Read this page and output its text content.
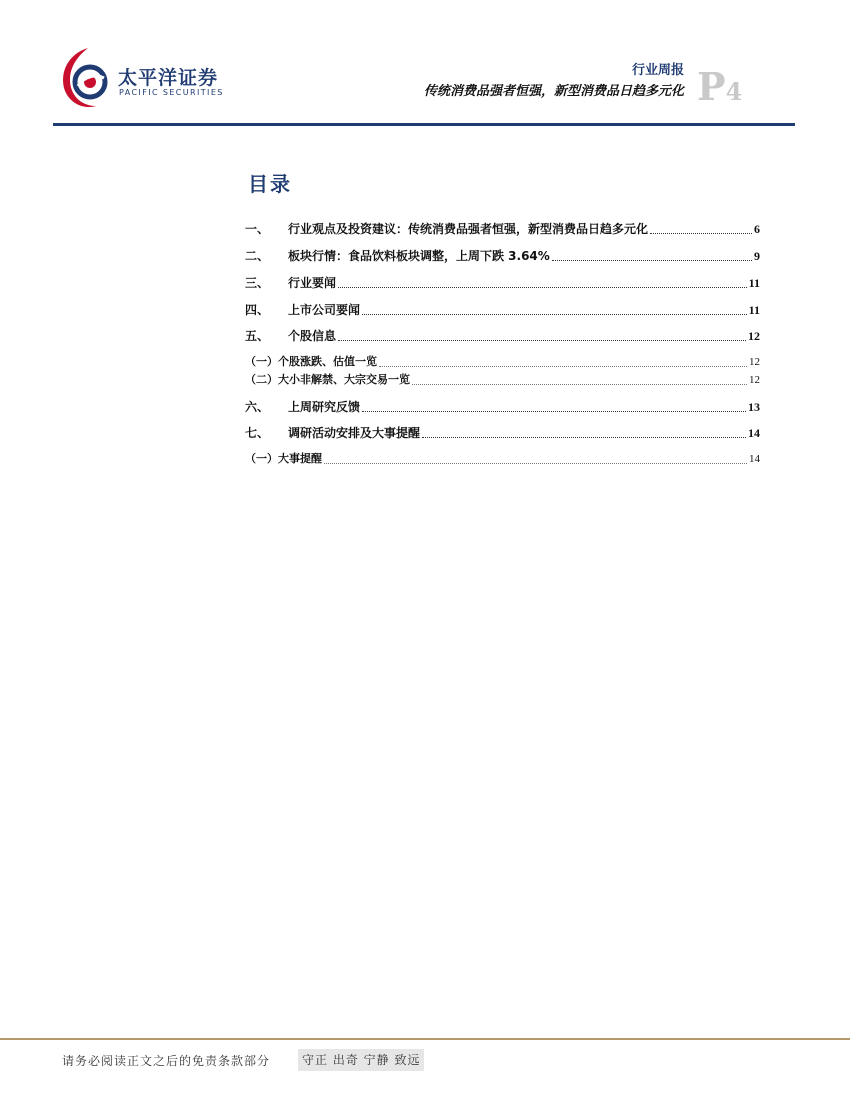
太平洋证券
PACIFIC SECURITIES
行业周报
传统消费品强者恒强，新型消费品日趋多元化 P4
目录
一、	行业观点及投资建议：传统消费品强者恒强，新型消费品日趋多元化	6
二、	板块行情：食品饮料板块调整，上周下跌 3.64%	9
三、	行业要闻	11
四、	上市公司要闻	11
五、	个股信息	12
（一）个股涨跌、估值一览	12
（二）大小非解禁、大宗交易一览	12
六、	上周研究反馈	13
七、	调研活动安排及大事提醒	14
（一）大事提醒	14
请务必阅读正文之后的免责条款部分	守正 出奇 宁静 致远
